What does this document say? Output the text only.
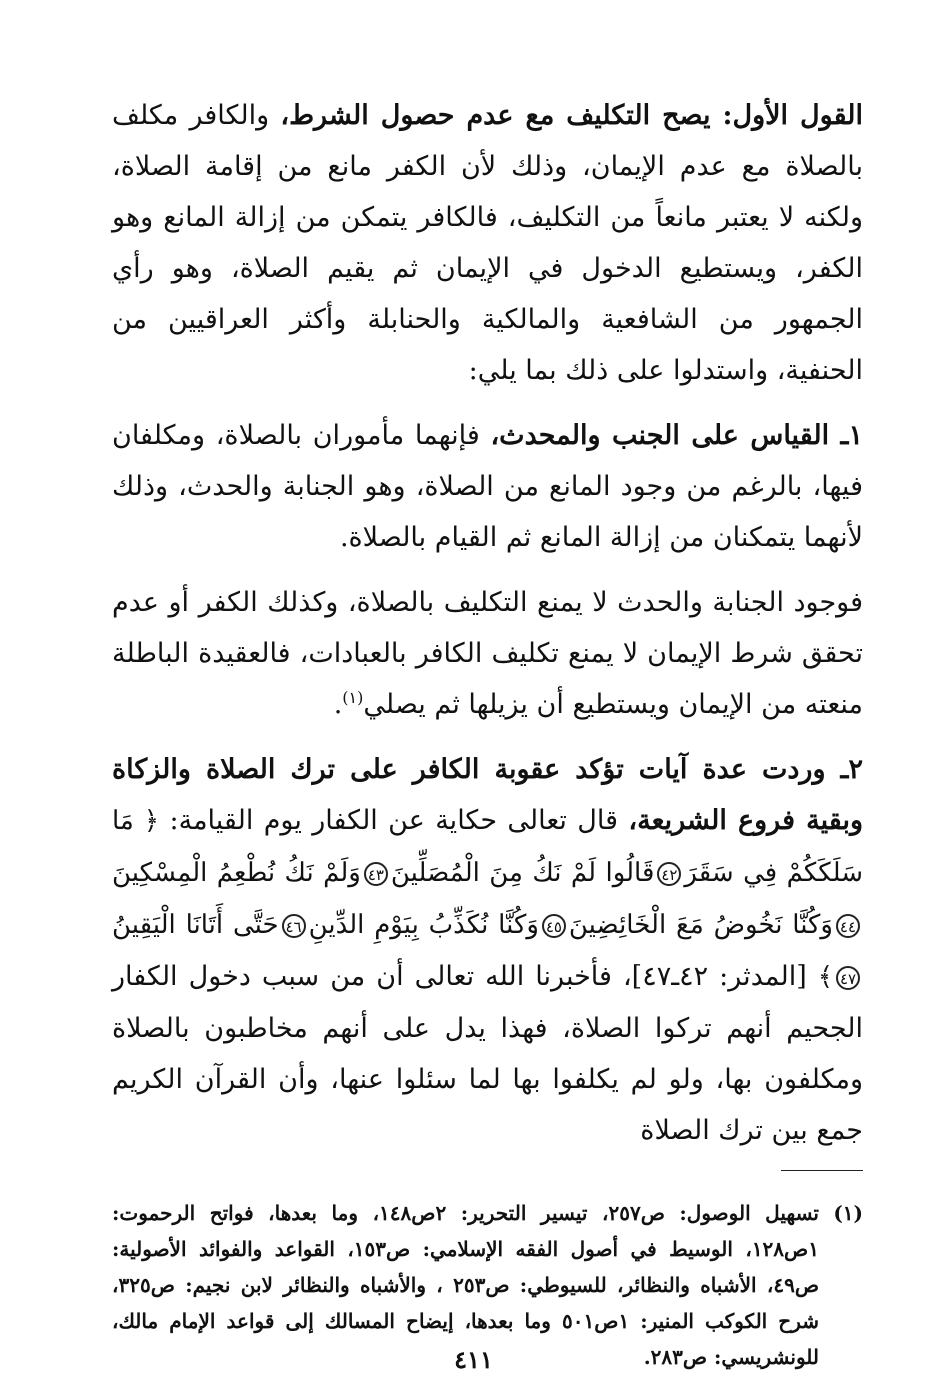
القول الأول: يصح التكليف مع عدم حصول الشرط، والكافر مكلف بالصلاة مع عدم الإيمان، وذلك لأن الكفر مانع من إقامة الصلاة، ولكنه لا يعتبر مانعاً من التكليف، فالكافر يتمكن من إزالة المانع وهو الكفر، ويستطيع الدخول في الإيمان ثم يقيم الصلاة، وهو رأي الجمهور من الشافعية والمالكية والحنابلة وأكثر العراقيين من الحنفية، واستدلوا على ذلك بما يلي:

١ـ القياس على الجنب والمحدث، فإنهما مأموران بالصلاة، ومكلفان فيها، بالرغم من وجود المانع من الصلاة، وهو الجنابة والحدث، وذلك لأنهما يتمكنان من إزالة المانع ثم القيام بالصلاة.

فوجود الجنابة والحدث لا يمنع التكليف بالصلاة، وكذلك الكفر أو عدم تحقق شرط الإيمان لا يمنع تكليف الكافر بالعبادات، فالعقيدة الباطلة منعته من الإيمان ويستطيع أن يزيلها ثم يصلي$^{(١)}$.

٢ـ وردت عدة آيات تؤكد عقوبة الكافر على ترك الصلاة والزكاة وبقية فروع الشريعة، قال تعالى حكاية عن الكفار يوم القيامة: ﴿ مَا سَلَكَكُمْ فِي سَقَرَ٤٢قَالُوا لَمْ نَكُ مِنَ الْمُصَلِّينَ٤٣وَلَمْ نَكُ نُطْعِمُ الْمِسْكِينَ٤٤وَكُنَّا نَخُوضُ مَعَ الْخَائِضِينَ٤٥وَكُنَّا نُكَذِّبُ بِيَوْمِ الدِّينِ٤٦حَتَّى أَتَانَا الْيَقِينُ٤٧﴾ [المدثر: ٤٢ـ٤٧]، فأخبرنا الله تعالى أن من سبب دخول الكفار الجحيم أنهم تركوا الصلاة، فهذا يدل على أنهم مخاطبون بالصلاة ومكلفون بها، ولو لم يكلفوا بها لما سئلوا عنها، وأن القرآن الكريم جمع بين ترك الصلاة

(١)
تسهيل الوصول: ص٢٥٧، تيسير التحرير: ٢ص١٤٨، وما بعدها، فواتح الرحموت: ١ص١٢٨، الوسيط في أصول الفقه الإسلامي: ص١٥٣، القواعد والفوائد الأصولية: ص٤٩، الأشباه والنظائر، للسيوطي: ص٢٥٣ ، والأشباه والنظائر لابن نجيم: ص٣٢٥، شرح الكوكب المنير: ١ص٥٠١ وما بعدها، إيضاح المسالك إلى قواعد الإمام مالك، للونشريسي: ص٢٨٣.
٤١١
